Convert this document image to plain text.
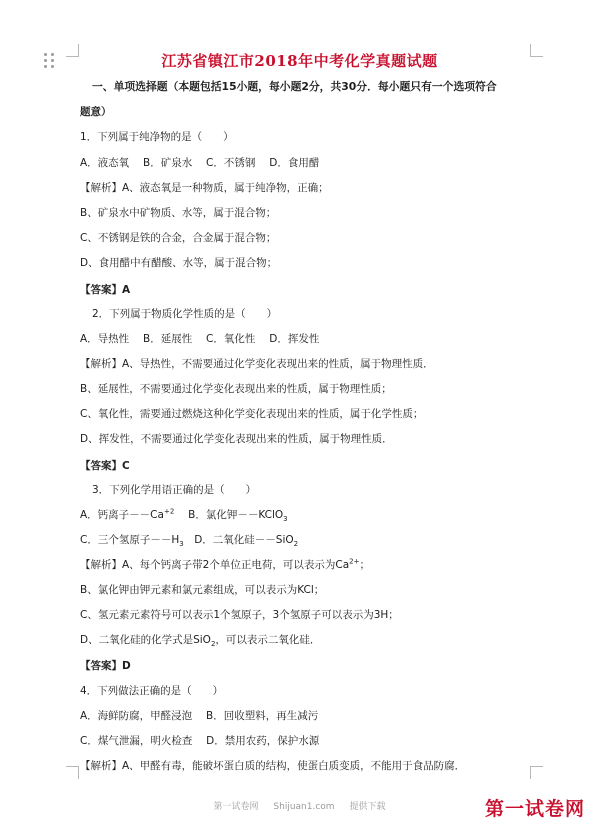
江苏省镇江市2018年中考化学真题试题
一、单项选择题（本题包括15小题，每小题2分，共30分．每小题只有一个选项符合
题意）
1．下列属于纯净物的是（　　）
A．液态氧　 B．矿泉水　 C．不锈钢　 D．食用醋
【解析】A、液态氧是一种物质，属于纯净物，正确；
B、矿泉水中矿物质、水等，属于混合物；
C、不锈钢是铁的合金，合金属于混合物；
D、食用醋中有醋酸、水等，属于混合物；
【答案】A
2．下列属于物质化学性质的是（　　）
A．导热性　 B．延展性　 C．氧化性　 D．挥发性
【解析】A、导热性，不需要通过化学变化表现出来的性质，属于物理性质．
B、延展性，不需要通过化学变化表现出来的性质，属于物理性质；
C、氧化性，需要通过燃烧这种化学变化表现出来的性质，属于化学性质；
D、挥发性，不需要通过化学变化表现出来的性质，属于物理性质．
【答案】C
3．下列化学用语正确的是（　　）
A．钙离子$--Ca^{+2}$　 B．氯化钾－－KClO$_3$
C．三个氢原子$--H_3$　D．二氧化硅－－SiO$_2$
【解析】A、每个钙离子带2个单位正电荷，可以表示为$Ca^{2+}$；
B、氯化钾由钾元素和氯元素组成，可以表示为KCl；
C、氢元素元素符号可以表示1个氢原子，3个氢原子可以表示为3H；
D、二氧化硅的化学式是SiO$_2$，可以表示二氧化硅．
【答案】D
4．下列做法正确的是（　　）
A．海鲜防腐，甲醛浸泡　 B．回收塑料，再生减污
C．煤气泄漏，明火检查　 D．禁用农药，保护水源
【解析】A、甲醛有毒，能破坏蛋白质的结构，使蛋白质变质，不能用于食品防腐．
第一试卷网 Shijuan1.com 提供下载	第一试卷网
